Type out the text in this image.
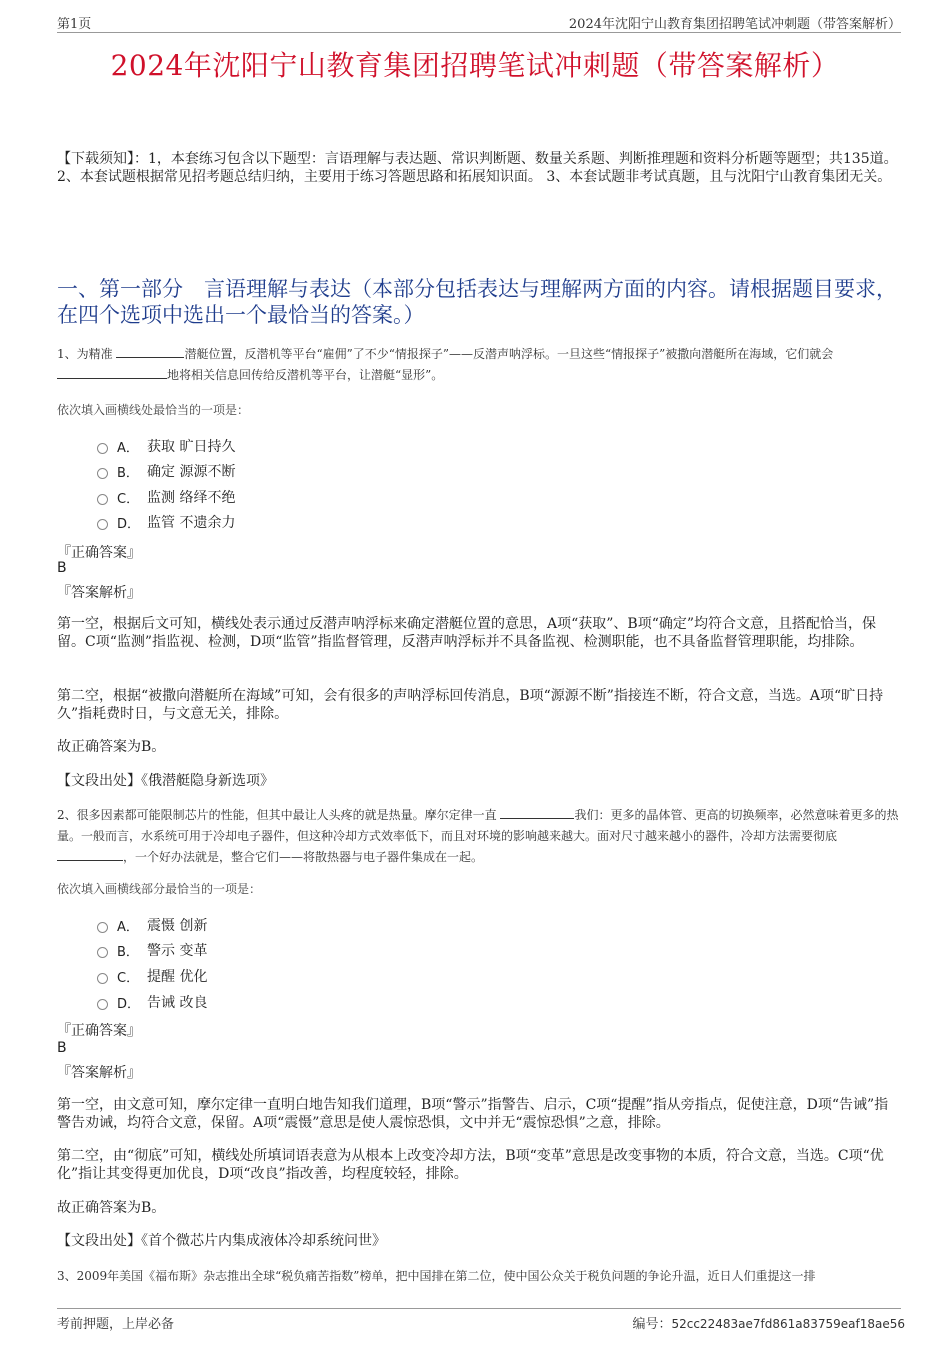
第1页	2024年沈阳宁山教育集团招聘笔试冲刺题（带答案解析）
2024年沈阳宁山教育集团招聘笔试冲刺题（带答案解析）
【下载须知】：1，本套练习包含以下题型：言语理解与表达题、常识判断题、数量关系题、判断推理题和资料分析题等题型；共135道。 2、本套试题根据常见招考题总结归纳，主要用于练习答题思路和拓展知识面。 3、本套试题非考试真题，且与沈阳宁山教育集团无关。
一、第一部分　言语理解与表达（本部分包括表达与理解两方面的内容。请根据题目要求，在四个选项中选出一个最恰当的答案。）
1、为精准	潜艇位置，反潜机等平台“雇佣”了不少“情报探子”——反潜声呐浮标。一旦这些“情报探子”被撒向潜艇所在海域，它们就会地将相关信息回传给反潜机等平台，让潜艇“显形”。
依次填入画横线处最恰当的一项是：
A． 获取 旷日持久
B． 确定 源源不断
C． 监测 络绎不绝
D． 监管 不遗余力
『正确答案』
B
『答案解析』
第一空，根据后文可知，横线处表示通过反潜声呐浮标来确定潜艇位置的意思，A项“获取”、B项“确定”均符合文意，且搭配恰当，保留。C项“监测”指监视、检测，D项“监管”指监督管理，反潜声呐浮标并不具备监视、检测职能，也不具备监督管理职能，均排除。
第二空，根据“被撒向潜艇所在海域”可知，会有很多的声呐浮标回传消息，B项“源源不断”指接连不断，符合文意，当选。A项“旷日持久”指耗费时日，与文意无关，排除。
故正确答案为B。
【文段出处】《俄潜艇隐身新选项》
2、很多因素都可能限制芯片的性能，但其中最让人头疼的就是热量。摩尔定律一直	我们：更多的晶体管、更高的切换频率，必然意味着更多的热量。一般而言，水系统可用于冷却电子器件，但这种冷却方式效率低下，而且对环境的影响越来越大。面对尺寸越来越小的器件，冷却方法需要彻底 ，一个好办法就是，整合它们——将散热器与电子器件集成在一起。
依次填入画横线部分最恰当的一项是：
A． 震慑 创新
B． 警示 变革
C． 提醒 优化
D． 告诫 改良
『正确答案』
B
『答案解析』
第一空，由文意可知，摩尔定律一直明白地告知我们道理，B项“警示”指警告、启示，C项“提醒”指从旁指点，促使注意，D项“告诫”指警告劝诫，均符合文意，保留。A项“震慑”意思是使人震惊恐惧，文中并无“震惊恐惧”之意，排除。
第二空，由“彻底”可知，横线处所填词语表意为从根本上改变冷却方法，B项“变革”意思是改变事物的本质，符合文意，当选。C项“优化”指让其变得更加优良，D项“改良”指改善，均程度较轻，排除。
故正确答案为B。
【文段出处】《首个微芯片内集成液体冷却系统问世》
3、2009年美国《福布斯》杂志推出全球“税负痛苦指数”榜单，把中国排在第二位，使中国公众关于税负问题的争论升温，近日人们重提这一排
考前押题，上岸必备	编号：52cc22483ae7fd861a83759eaf18ae56
